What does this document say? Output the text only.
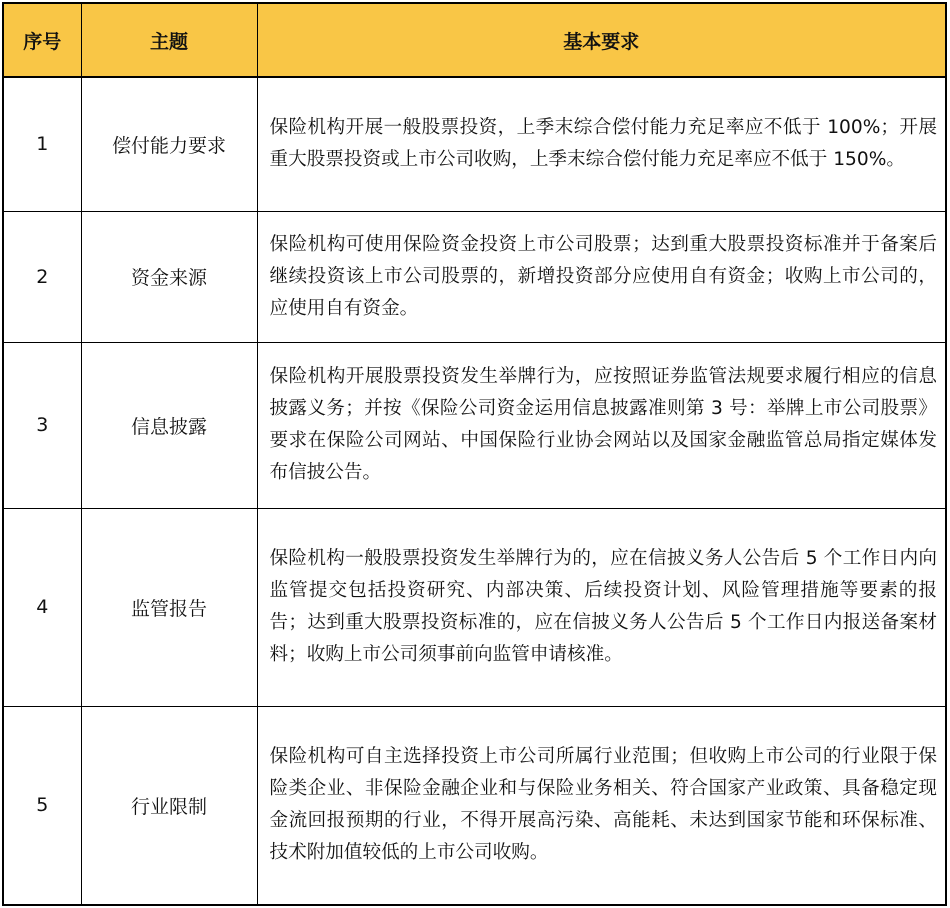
序号	主题	基本要求
1	偿付能力要求	保险机构开展一般股票投资，上季末综合偿付能力充足率应不低于 100%；开展重大股票投资或上市公司收购，上季末综合偿付能力充足率应不低于 150%。

2	资金来源	保险机构可使用保险资金投资上市公司股票；达到重大股票投资标准并于备案后继续投资该上市公司股票的，新增投资部分应使用自有资金；收购上市公司的，应使用自有资金。

3	信息披露	保险机构开展股票投资发生举牌行为，应按照证券监管法规要求履行相应的信息披露义务；并按《保险公司资金运用信息披露准则第 3 号：举牌上市公司股票》要求在保险公司网站、中国保险行业协会网站以及国家金融监管总局指定媒体发布信披公告。

4	监管报告	保险机构一般股票投资发生举牌行为的，应在信披义务人公告后 5 个工作日内向监管提交包括投资研究、内部决策、后续投资计划、风险管理措施等要素的报告；达到重大股票投资标准的，应在信披义务人公告后 5 个工作日内报送备案材料；收购上市公司须事前向监管申请核准。

5	行业限制	保险机构可自主选择投资上市公司所属行业范围；但收购上市公司的行业限于保险类企业、非保险金融企业和与保险业务相关、符合国家产业政策、具备稳定现金流回报预期的行业，不得开展高污染、高能耗、未达到国家节能和环保标准、技术附加值较低的上市公司收购。
